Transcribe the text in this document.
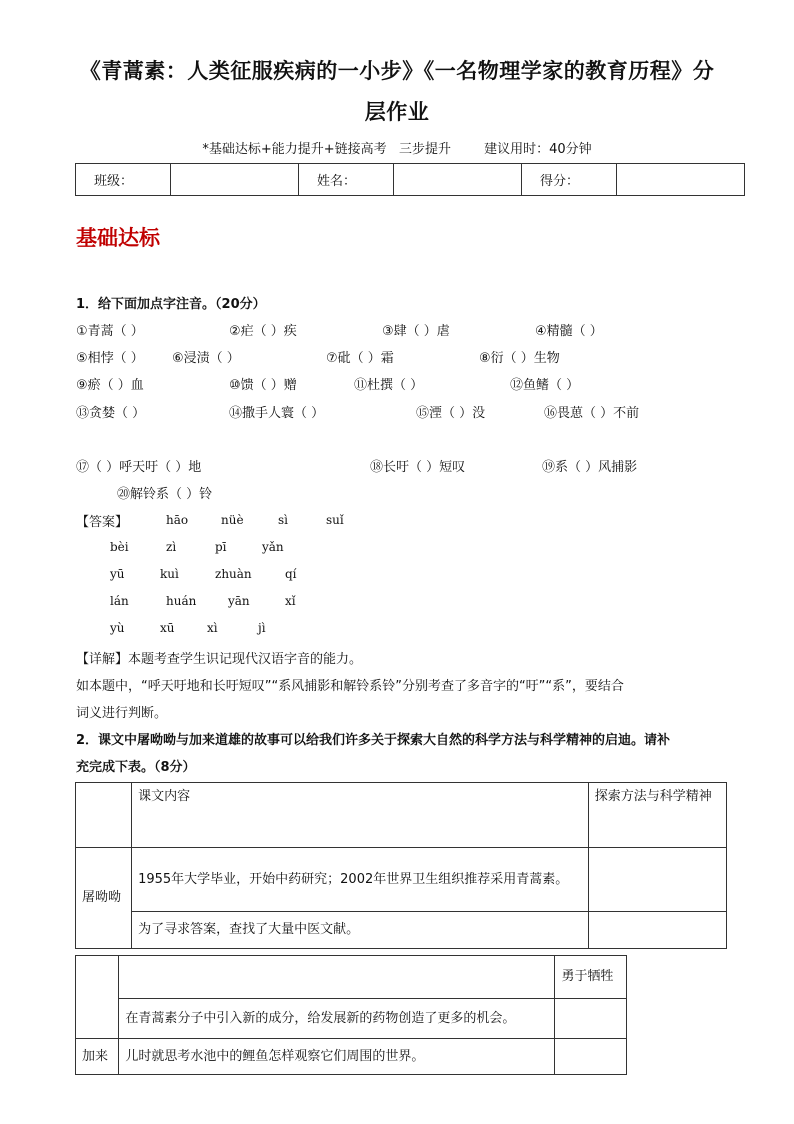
《青蒿素：人类征服疾病的一小步》《一名物理学家的教育历程》分
层作业
*基础达标+能力提升+链接高考   三步提升        建议用时：40分钟
班级：		姓名：		得分：	
基础达标
1．给下面加点字注音。（20分）
①青蒿（ ）	②疟（ ）疾	③肆（ ）虐	④精髓（ ）
⑤相悖（ ） ⑥浸渍（ ）	⑦砒（ ）霜	⑧衍（ ）生物
⑨瘀（ ）血	⑩馈（ ）赠	⑪杜撰（ ）	⑫鱼鳍（ ）
⑬贪婪（ ）	⑭撒手人寰（ ）	⑮湮（ ）没	⑯畏葸（ ）不前
⑰（ ）呼天吁（ ）地	⑱长吁（ ）短叹	⑲系（ ）风捕影
⑳解铃系（ ）铃
【答案】	hāo	nüè	sì	suǐ
bèi	zì	pī	yǎn
yū	kuì	zhuàn	qí
lán	huán	yān	xǐ
yù	xū	xì	jì
【详解】本题考查学生识记现代汉语字音的能力。
如本题中，“呼天吁地和长吁短叹”“系风捕影和解铃系铃”分别考查了多音字的“吁”“系”，要结合
词义进行判断。
2．课文中屠呦呦与加来道雄的故事可以给我们许多关于探索大自然的科学方法与科学精神的启迪。请补
充完成下表。（8分）
	课文内容	探索方法与科学精神
屠呦呦	1955年大学毕业，开始中药研究；2002年世界卫生组织推荐采用青蒿素。	
	为了寻求答案，查找了大量中医文献。	
		勇于牺牲
	在青蒿素分子中引入新的成分，给发展新的药物创造了更多的机会。	
加来	儿时就思考水池中的鲤鱼怎样观察它们周围的世界。	
